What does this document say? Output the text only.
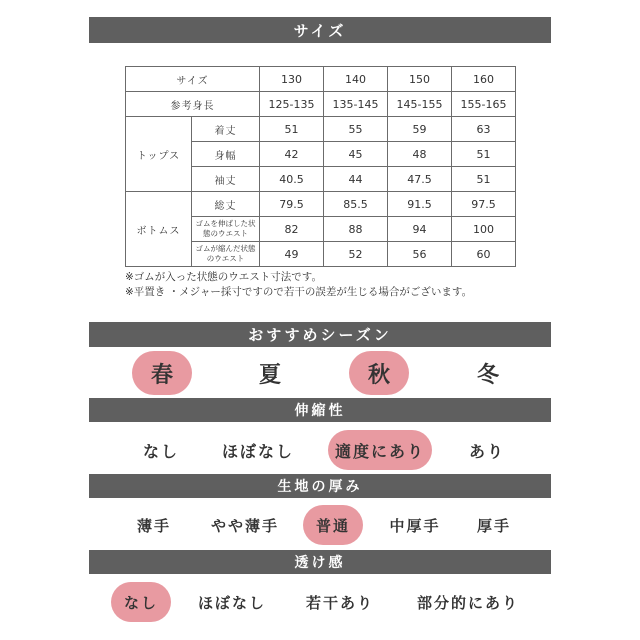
サイズ
サイズ		130	140	150	160
参考身長		125-135	135-145	145-155	155-165
トップス	着丈	51	55	59	63
	身幅	42	45	48	51
	袖丈	40.5	44	47.5	51
ボトムス	総丈	79.5	85.5	91.5	97.5
	ゴムを伸ばした状態のウエスト	82	88	94	100
	ゴムが縮んだ状態のウエスト	49	52	56	60
※ゴムが入った状態のウエスト寸法です。
※平置き ・メジャー採寸ですので若干の誤差が生じる場合がございます。
おすすめシーズン
春	夏	秋	冬
伸縮性
なし	ほぼなし	適度にあり	あり
生地の厚み
薄手	やや薄手	普通	中厚手	厚手
透け感
なし	ほぼなし	若干あり	部分的にあり
